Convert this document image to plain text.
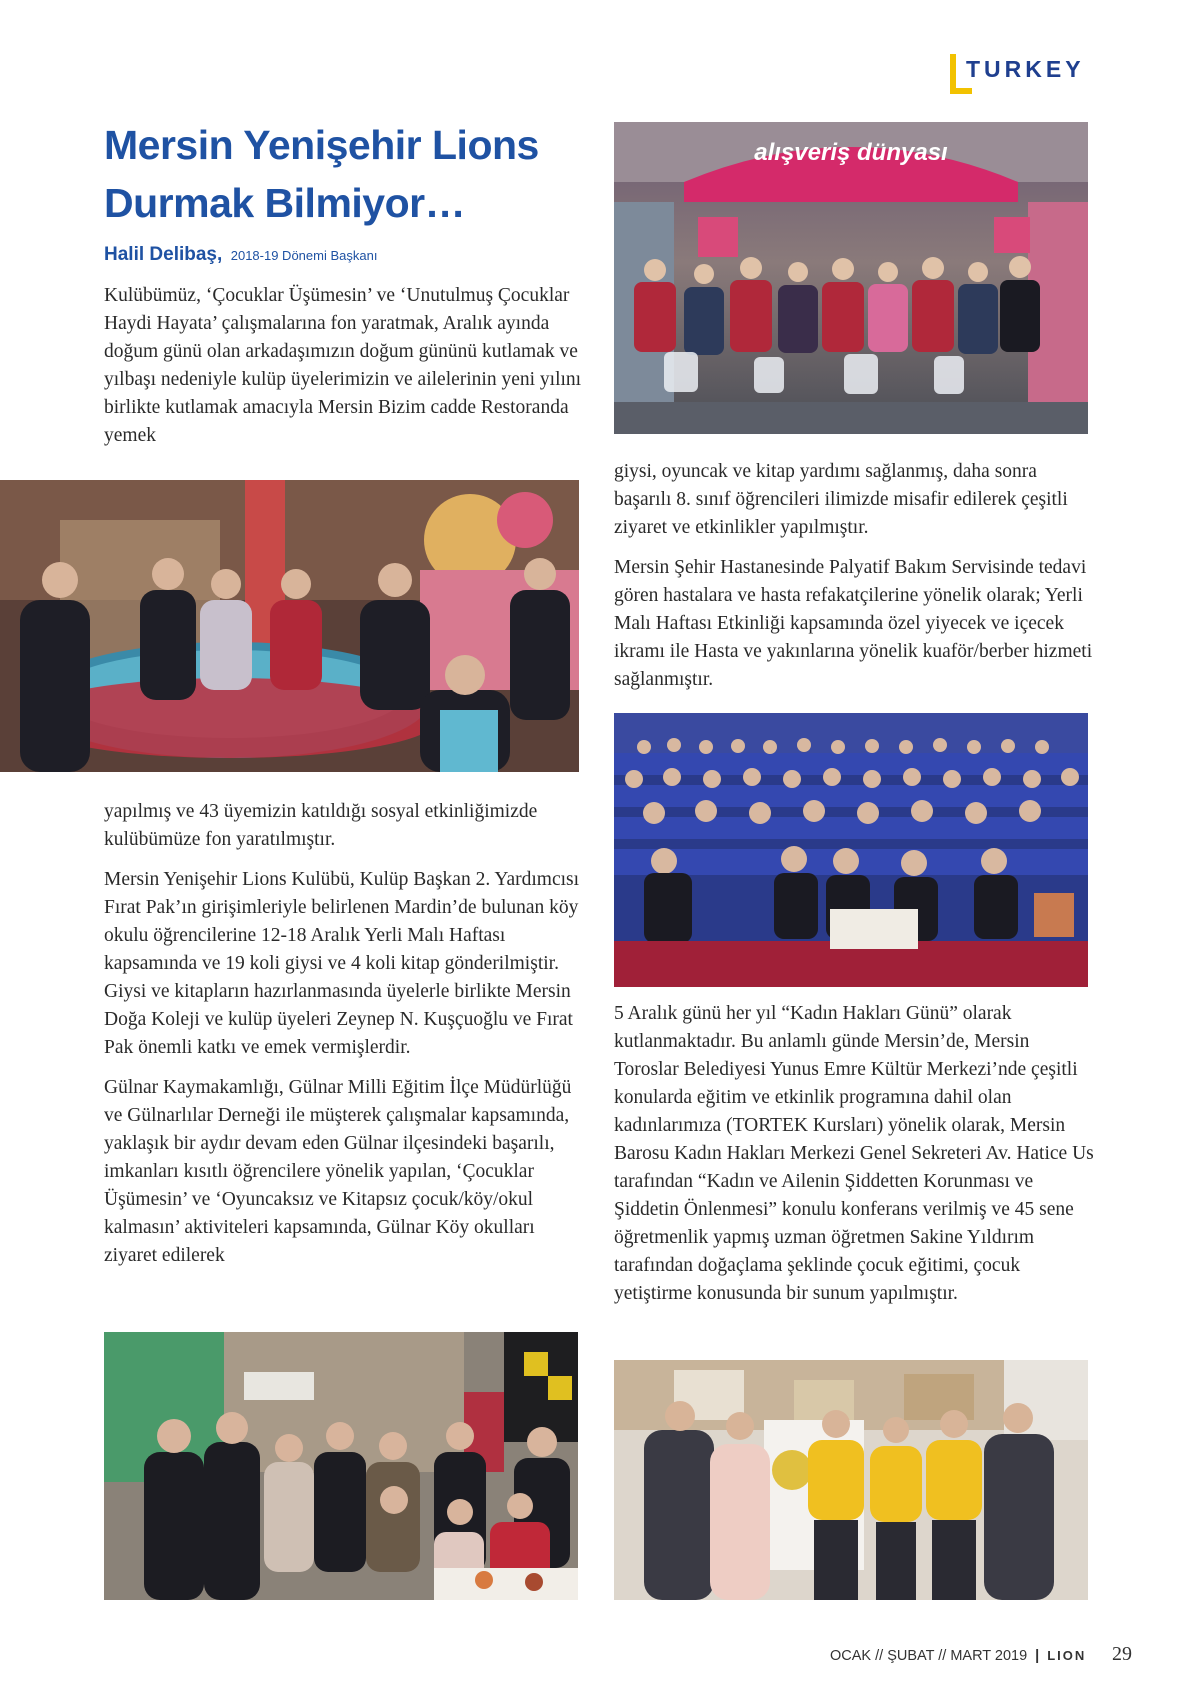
TURKEY
Mersin Yenişehir Lions
Durmak Bilmiyor…
Halil Delibaş, 2018-19 Dönemi Başkanı

Kulübümüz, ‘Çocuklar Üşümesin’ ve ‘Unutulmuş Çocuklar Haydi Hayata’ çalışmalarına fon yaratmak, Aralık ayında doğum günü olan arkadaşımızın doğum gününü kutlamak ve yılbaşı nedeniyle kulüp üyelerimizin ve ailelerinin yeni yılını birlikte kutlamak amacıyla Mersin Bizim cadde Restoranda yemek

yapılmış ve 43 üyemizin katıldığı sosyal etkinliğimizde kulübümüze fon yaratılmıştır.

Mersin Yenişehir Lions Kulübü, Kulüp Başkan 2. Yardımcısı Fırat Pak’ın girişimleriyle belirlenen Mardin’de bulunan köy okulu öğrencilerine 12-18 Aralık Yerli Malı Haftası kapsamında ve 19 koli giysi ve 4 koli kitap gönderilmiştir. Giysi ve kitapların hazırlanmasında üyelerle birlikte Mersin Doğa Koleji ve kulüp üyeleri Zeynep N. Kuşçuoğlu ve Fırat Pak önemli katkı ve emek vermişlerdir.

Gülnar Kaymakamlığı, Gülnar Milli Eğitim İlçe Müdürlüğü ve Gülnarlılar Derneği ile müşterek çalışmalar kapsamında, yaklaşık bir aydır devam eden Gülnar ilçesindeki başarılı, imkanları kısıtlı öğrencilere yönelik yapılan, ‘Çocuklar Üşümesin’ ve ‘Oyuncaksız ve Kitapsız çocuk/köy/okul kalmasın’ aktiviteleri kapsamında, Gülnar Köy okulları ziyaret edilerek

giysi, oyuncak ve kitap yardımı sağlanmış, daha sonra başarılı 8. sınıf öğrencileri ilimizde misafir edilerek çeşitli ziyaret ve etkinlikler yapılmıştır.

Mersin Şehir Hastanesinde Palyatif Bakım Servisinde tedavi gören hastalara ve hasta refakatçilerine yönelik olarak; Yerli Malı Haftası Etkinliği kapsamında özel yiyecek ve içecek ikramı ile Hasta ve yakınlarına yönelik kuaför/berber hizmeti sağlanmıştır.

5 Aralık günü her yıl “Kadın Hakları Günü” olarak kutlanmaktadır. Bu anlamlı günde Mersin’de, Mersin Toroslar Belediyesi Yunus Emre Kültür Merkezi’nde çeşitli konularda eğitim ve etkinlik programına dahil olan kadınlarımıza (TORTEK Kursları) yönelik olarak, Mersin Barosu Kadın Hakları Merkezi Genel Sekreteri Av. Hatice Us tarafından “Kadın ve Ailenin Şiddetten Korunması ve Şiddetin Önlenmesi” konulu konferans verilmiş ve 45 sene öğretmenlik yapmış uzman öğretmen Sakine Yıldırım tarafından doğaçlama şeklinde çocuk eğitimi, çocuk yetiştirme konusunda bir sunum yapılmıştır.

alışveriş dünyası
OCAK // ŞUBAT // MART 2019 | LION 29
